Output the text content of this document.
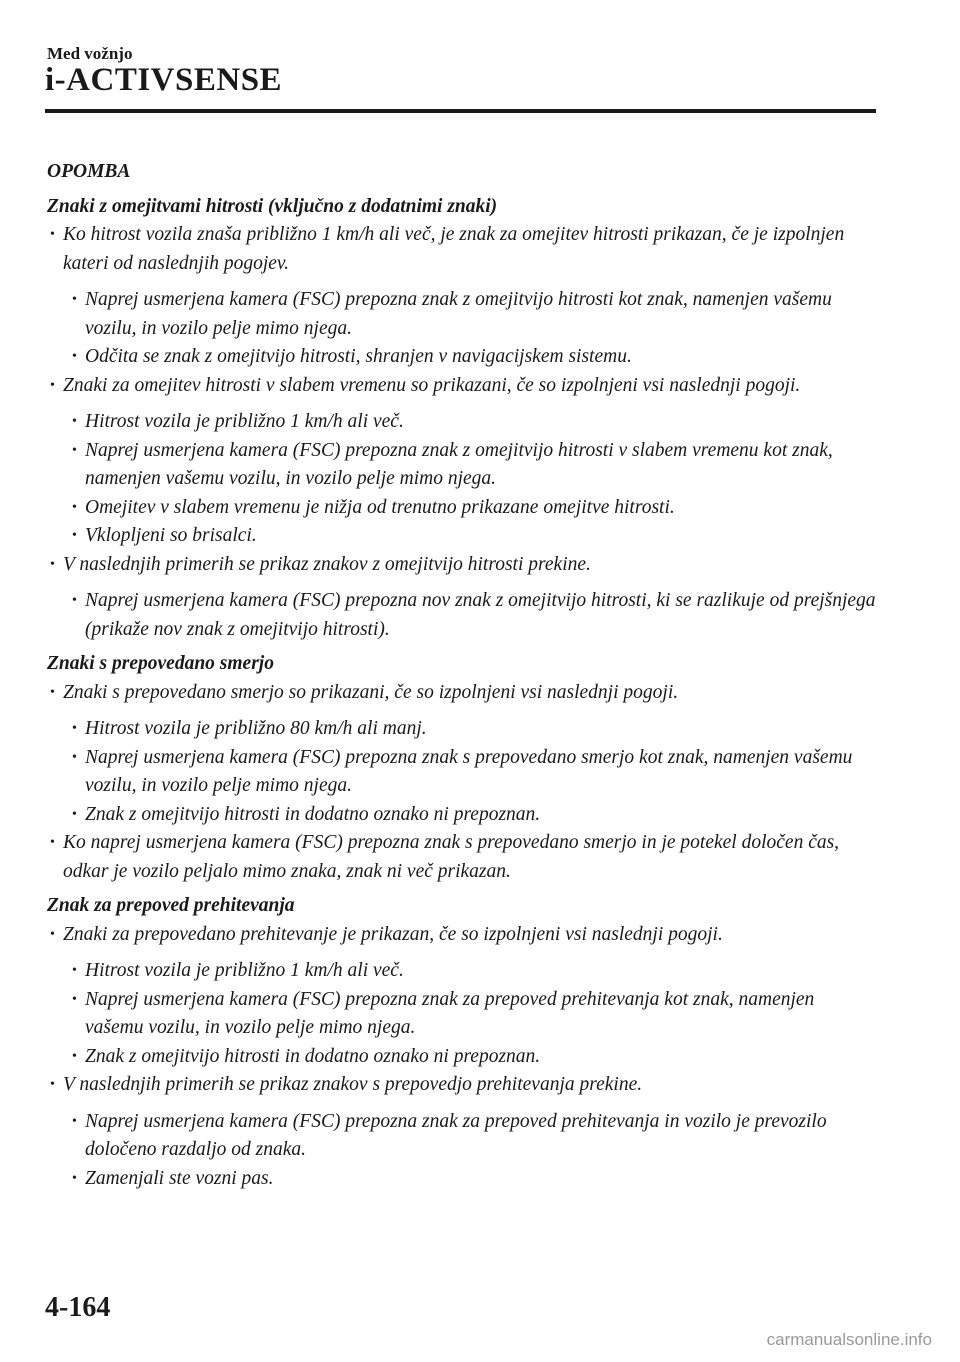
Med vožnjo
i-ACTIVSENSE

OPOMBA

Znaki z omejitvami hitrosti (vključno z dodatnimi znaki)

• Ko hitrost vozila znaša približno 1 km/h ali več, je znak za omejitev hitrosti prikazan, če je izpolnjen kateri od naslednjih pogojev.

• Naprej usmerjena kamera (FSC) prepozna znak z omejitvijo hitrosti kot znak, namenjen vašemu vozilu, in vozilo pelje mimo njega.

• Odčita se znak z omejitvijo hitrosti, shranjen v navigacijskem sistemu.

• Znaki za omejitev hitrosti v slabem vremenu so prikazani, če so izpolnjeni vsi naslednji pogoji.

• Hitrost vozila je približno 1 km/h ali več.

• Naprej usmerjena kamera (FSC) prepozna znak z omejitvijo hitrosti v slabem vremenu kot znak, namenjen vašemu vozilu, in vozilo pelje mimo njega.

• Omejitev v slabem vremenu je nižja od trenutno prikazane omejitve hitrosti.

• Vklopljeni so brisalci.

• V naslednjih primerih se prikaz znakov z omejitvijo hitrosti prekine.

• Naprej usmerjena kamera (FSC) prepozna nov znak z omejitvijo hitrosti, ki se razlikuje od prejšnjega (prikaže nov znak z omejitvijo hitrosti).

Znaki s prepovedano smerjo

• Znaki s prepovedano smerjo so prikazani, če so izpolnjeni vsi naslednji pogoji.

• Hitrost vozila je približno 80 km/h ali manj.

• Naprej usmerjena kamera (FSC) prepozna znak s prepovedano smerjo kot znak, namenjen vašemu vozilu, in vozilo pelje mimo njega.

• Znak z omejitvijo hitrosti in dodatno oznako ni prepoznan.

• Ko naprej usmerjena kamera (FSC) prepozna znak s prepovedano smerjo in je potekel določen čas, odkar je vozilo peljalo mimo znaka, znak ni več prikazan.

Znak za prepoved prehitevanja

• Znaki za prepovedano prehitevanje je prikazan, če so izpolnjeni vsi naslednji pogoji.

• Hitrost vozila je približno 1 km/h ali več.

• Naprej usmerjena kamera (FSC) prepozna znak za prepoved prehitevanja kot znak, namenjen vašemu vozilu, in vozilo pelje mimo njega.

• Znak z omejitvijo hitrosti in dodatno oznako ni prepoznan.

• V naslednjih primerih se prikaz znakov s prepovedjo prehitevanja prekine.

• Naprej usmerjena kamera (FSC) prepozna znak za prepoved prehitevanja in vozilo je prevozilo določeno razdaljo od znaka.

• Zamenjali ste vozni pas.

4-164
carmanualsonline.info
